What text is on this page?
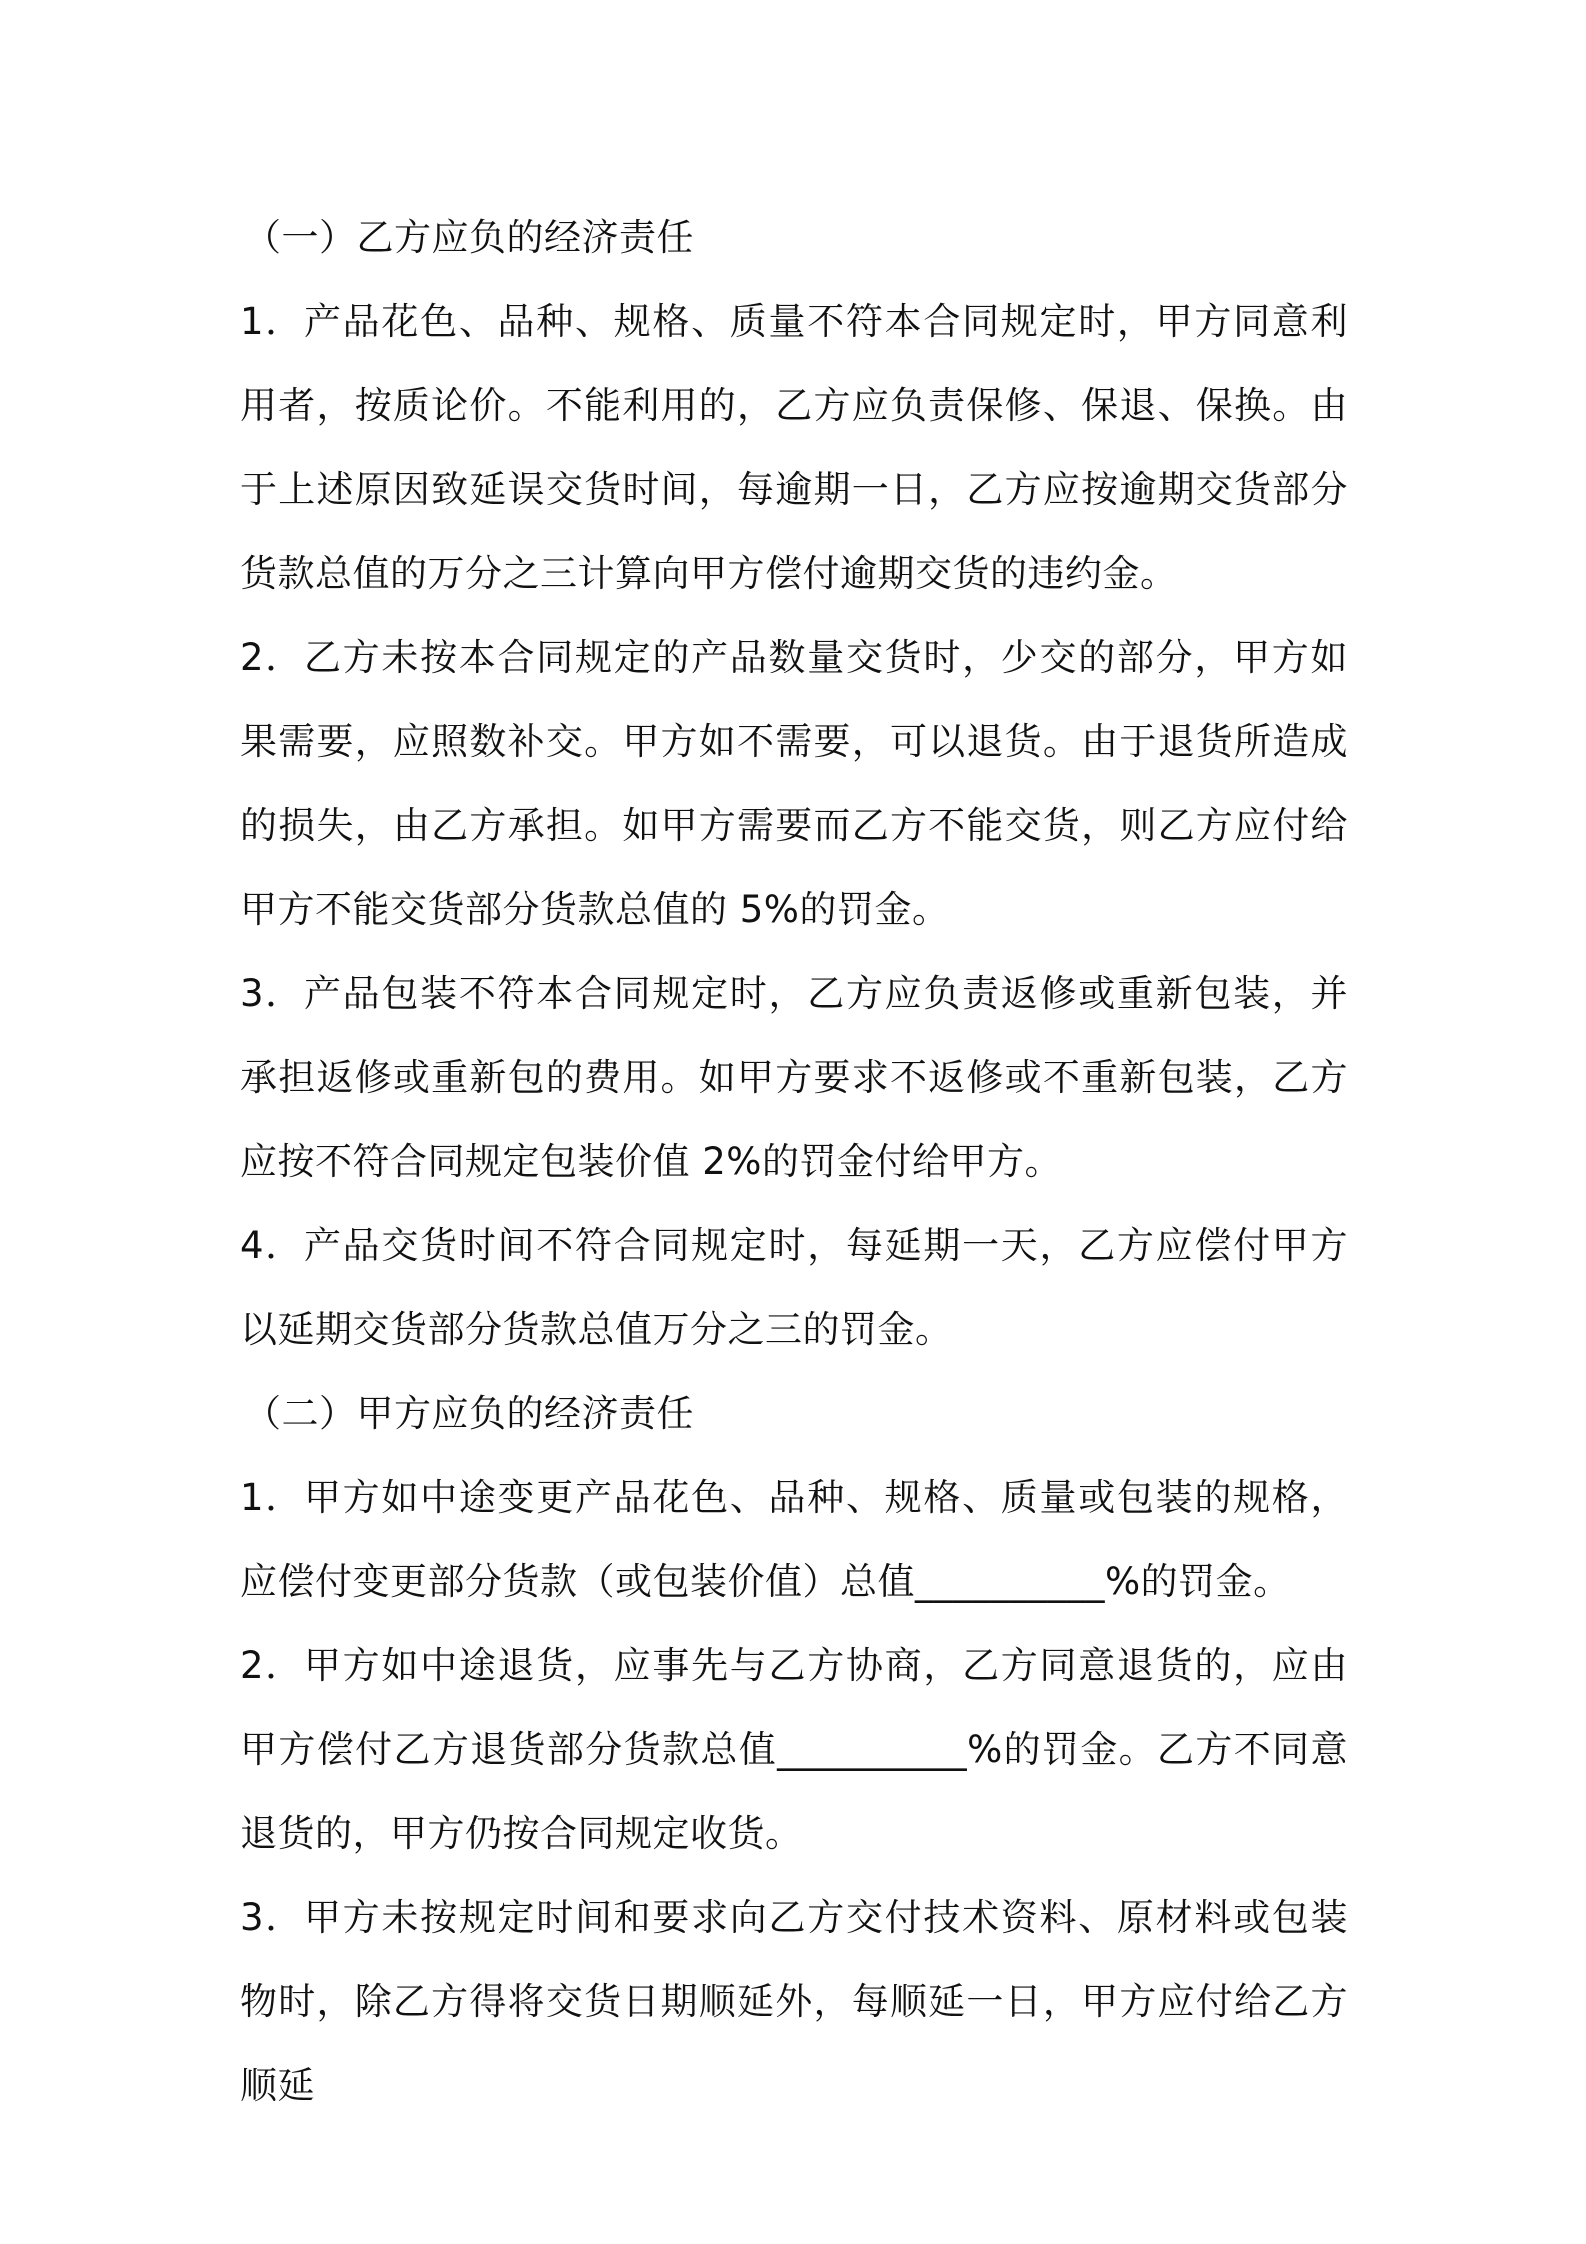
（一）乙方应负的经济责任

1．产品花色、品种、规格、质量不符本合同规定时，甲方同意利用者，按质论价。不能利用的，乙方应负责保修、保退、保换。由于上述原因致延误交货时间，每逾期一日，乙方应按逾期交货部分货款总值的万分之三计算向甲方偿付逾期交货的违约金。

2．乙方未按本合同规定的产品数量交货时，少交的部分，甲方如果需要，应照数补交。甲方如不需要，可以退货。由于退货所造成的损失，由乙方承担。如甲方需要而乙方不能交货，则乙方应付给甲方不能交货部分货款总值的 5%的罚金。

3．产品包装不符本合同规定时，乙方应负责返修或重新包装，并承担返修或重新包的费用。如甲方要求不返修或不重新包装，乙方应按不符合同规定包装价值 2%的罚金付给甲方。

4．产品交货时间不符合同规定时，每延期一天，乙方应偿付甲方以延期交货部分货款总值万分之三的罚金。

（二）甲方应负的经济责任

1．甲方如中途变更产品花色、品种、规格、质量或包装的规格，应偿付变更部分货款（或包装价值）总值__________%的罚金。

2．甲方如中途退货，应事先与乙方协商，乙方同意退货的，应由甲方偿付乙方退货部分货款总值__________%的罚金。乙方不同意退货的，甲方仍按合同规定收货。

3．甲方未按规定时间和要求向乙方交付技术资料、原材料或包装物时，除乙方得将交货日期顺延外，每顺延一日，甲方应付给乙方顺延
